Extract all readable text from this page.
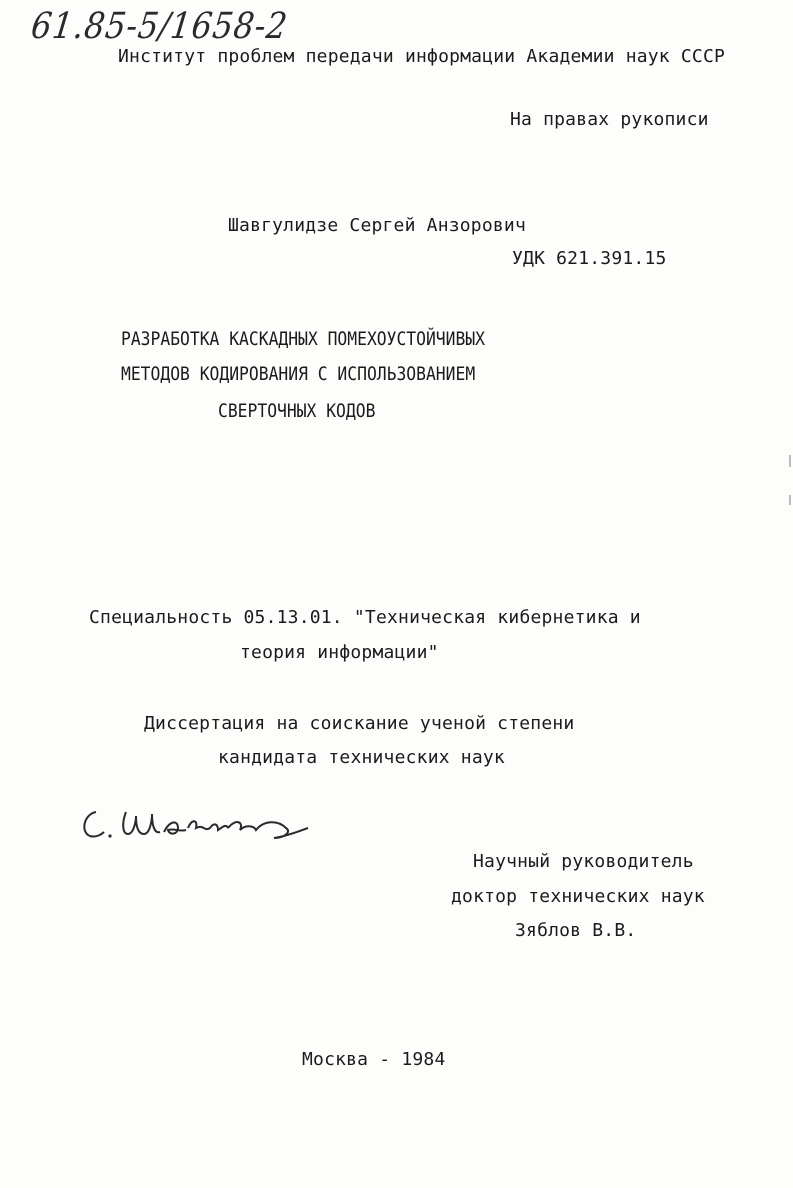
61.85-5/1658-2
Институт проблем передачи информации Академии наук СССР
На правах рукописи
Шавгулидзе Сергей Анзорович
УДК 621.391.15
РАЗРАБОТКА КАСКАДНЫХ ПОМЕХОУСТОЙЧИВЫХ
МЕТОДОВ КОДИРОВАНИЯ С ИСПОЛЬЗОВАНИЕМ
СВЕРТОЧНЫХ КОДОВ
Специальность 05.13.01. "Техническая кибернетика и
теория информации"
Диссертация на соискание ученой степени
кандидата технических наук
С. Шавгулидзе
Научный руководитель
доктор технических наук
Зяблов В.В.
Москва - 1984
